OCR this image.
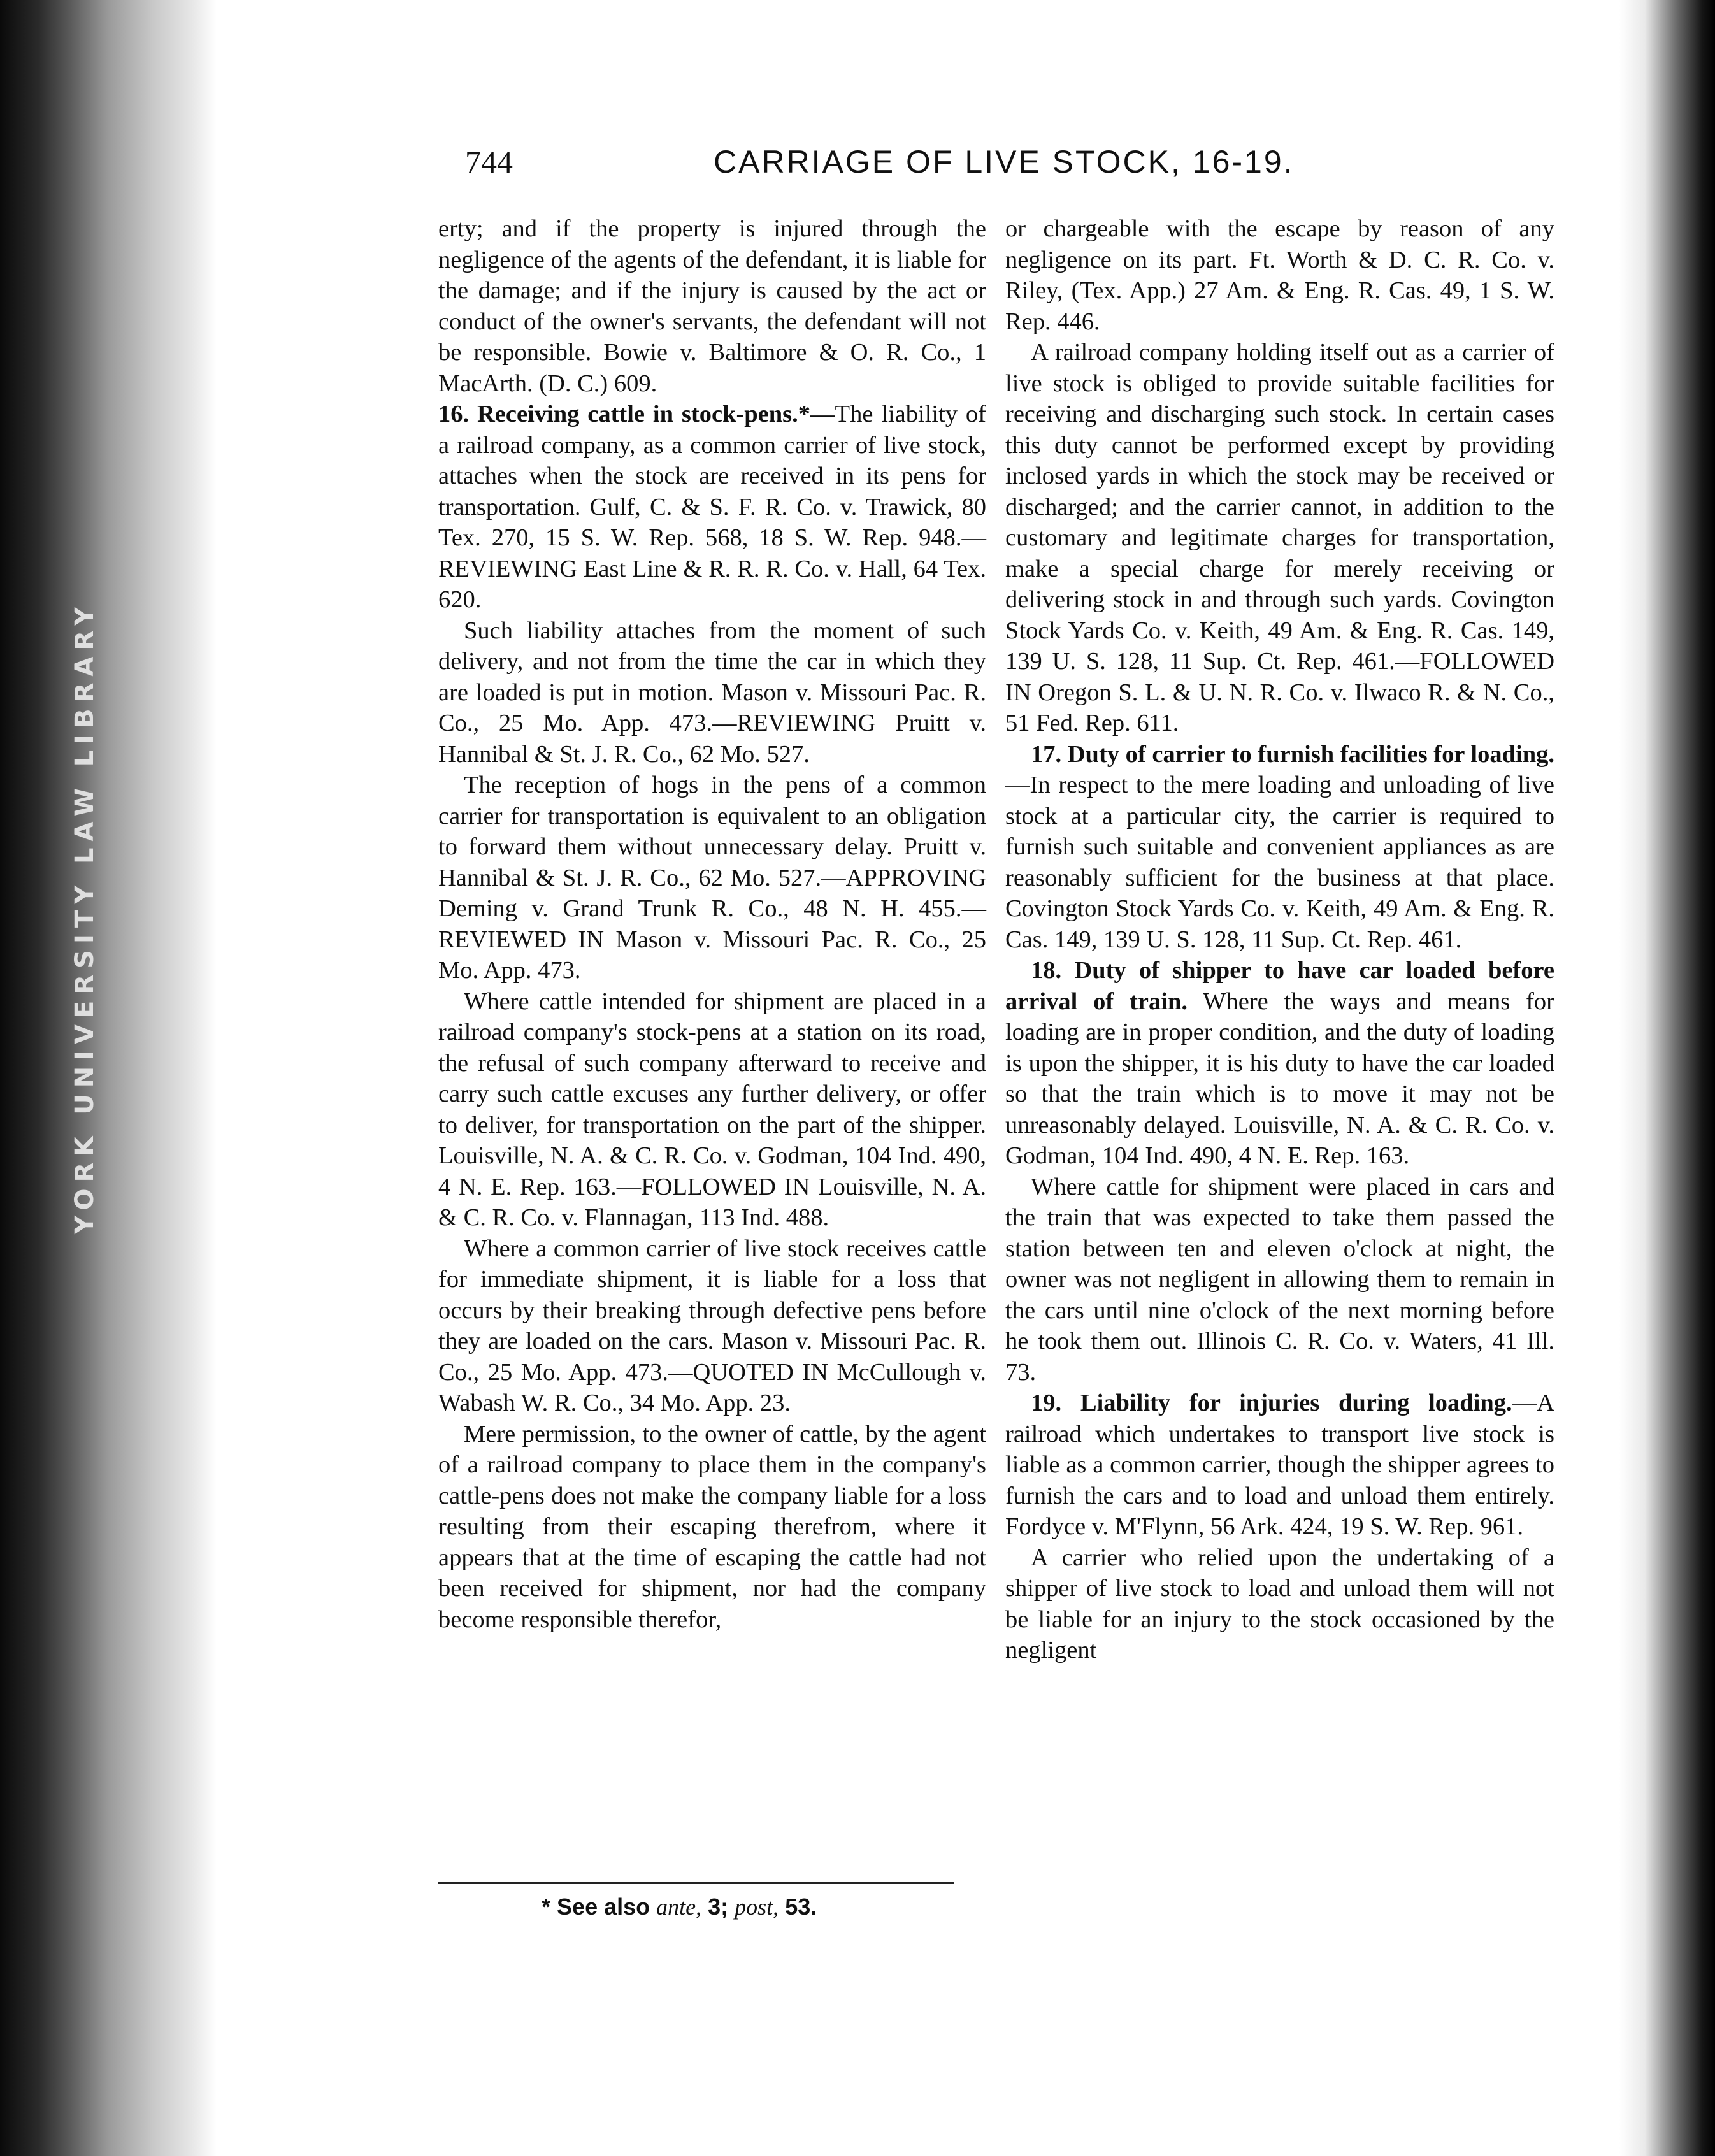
YORK UNIVERSITY LAW LIBRARY
744	CARRIAGE OF LIVE STOCK, 16-19.

erty; and if the property is injured through the negligence of the agents of the defendant, it is liable for the damage; and if the injury is caused by the act or conduct of the owner's servants, the defendant will not be responsible. Bowie v. Baltimore & O. R. Co., 1 MacArth. (D. C.) 609.

16. Receiving cattle in stock-pens.*—The liability of a railroad company, as a common carrier of live stock, attaches when the stock are received in its pens for transportation. Gulf, C. & S. F. R. Co. v. Trawick, 80 Tex. 270, 15 S. W. Rep. 568, 18 S. W. Rep. 948.—REVIEWING East Line & R. R. R. Co. v. Hall, 64 Tex. 620.

Such liability attaches from the moment of such delivery, and not from the time the car in which they are loaded is put in motion. Mason v. Missouri Pac. R. Co., 25 Mo. App. 473.—REVIEWING Pruitt v. Hannibal & St. J. R. Co., 62 Mo. 527.

The reception of hogs in the pens of a common carrier for transportation is equivalent to an obligation to forward them without unnecessary delay. Pruitt v. Hannibal & St. J. R. Co., 62 Mo. 527.—APPROVING Deming v. Grand Trunk R. Co., 48 N. H. 455.—REVIEWED IN Mason v. Missouri Pac. R. Co., 25 Mo. App. 473.

Where cattle intended for shipment are placed in a railroad company's stock-pens at a station on its road, the refusal of such company afterward to receive and carry such cattle excuses any further delivery, or offer to deliver, for transportation on the part of the shipper. Louisville, N. A. & C. R. Co. v. Godman, 104 Ind. 490, 4 N. E. Rep. 163.—FOLLOWED IN Louisville, N. A. & C. R. Co. v. Flannagan, 113 Ind. 488.

Where a common carrier of live stock receives cattle for immediate shipment, it is liable for a loss that occurs by their breaking through defective pens before they are loaded on the cars. Mason v. Missouri Pac. R. Co., 25 Mo. App. 473.—QUOTED IN McCullough v. Wabash W. R. Co., 34 Mo. App. 23.

Mere permission, to the owner of cattle, by the agent of a railroad company to place them in the company's cattle-pens does not make the company liable for a loss resulting from their escaping therefrom, where it appears that at the time of escaping the cattle had not been received for shipment, nor had the company become responsible therefor,

or chargeable with the escape by reason of any negligence on its part. Ft. Worth & D. C. R. Co. v. Riley, (Tex. App.) 27 Am. & Eng. R. Cas. 49, 1 S. W. Rep. 446.

A railroad company holding itself out as a carrier of live stock is obliged to provide suitable facilities for receiving and discharging such stock. In certain cases this duty cannot be performed except by providing inclosed yards in which the stock may be received or discharged; and the carrier cannot, in addition to the customary and legitimate charges for transportation, make a special charge for merely receiving or delivering stock in and through such yards. Covington Stock Yards Co. v. Keith, 49 Am. & Eng. R. Cas. 149, 139 U. S. 128, 11 Sup. Ct. Rep. 461.—FOLLOWED IN Oregon S. L. & U. N. R. Co. v. Ilwaco R. & N. Co., 51 Fed. Rep. 611.

17. Duty of carrier to furnish facilities for loading.—In respect to the mere loading and unloading of live stock at a particular city, the carrier is required to furnish such suitable and convenient appliances as are reasonably sufficient for the business at that place. Covington Stock Yards Co. v. Keith, 49 Am. & Eng. R. Cas. 149, 139 U. S. 128, 11 Sup. Ct. Rep. 461.

18. Duty of shipper to have car loaded before arrival of train. Where the ways and means for loading are in proper condition, and the duty of loading is upon the shipper, it is his duty to have the car loaded so that the train which is to move it may not be unreasonably delayed. Louisville, N. A. & C. R. Co. v. Godman, 104 Ind. 490, 4 N. E. Rep. 163.

Where cattle for shipment were placed in cars and the train that was expected to take them passed the station between ten and eleven o'clock at night, the owner was not negligent in allowing them to remain in the cars until nine o'clock of the next morning before he took them out. Illinois C. R. Co. v. Waters, 41 Ill. 73.

19. Liability for injuries during loading.—A railroad which undertakes to transport live stock is liable as a common carrier, though the shipper agrees to furnish the cars and to load and unload them entirely. Fordyce v. M'Flynn, 56 Ark. 424, 19 S. W. Rep. 961.

A carrier who relied upon the undertaking of a shipper of live stock to load and unload them will not be liable for an injury to the stock occasioned by the negligent

* See also ante, 3; post, 53.
